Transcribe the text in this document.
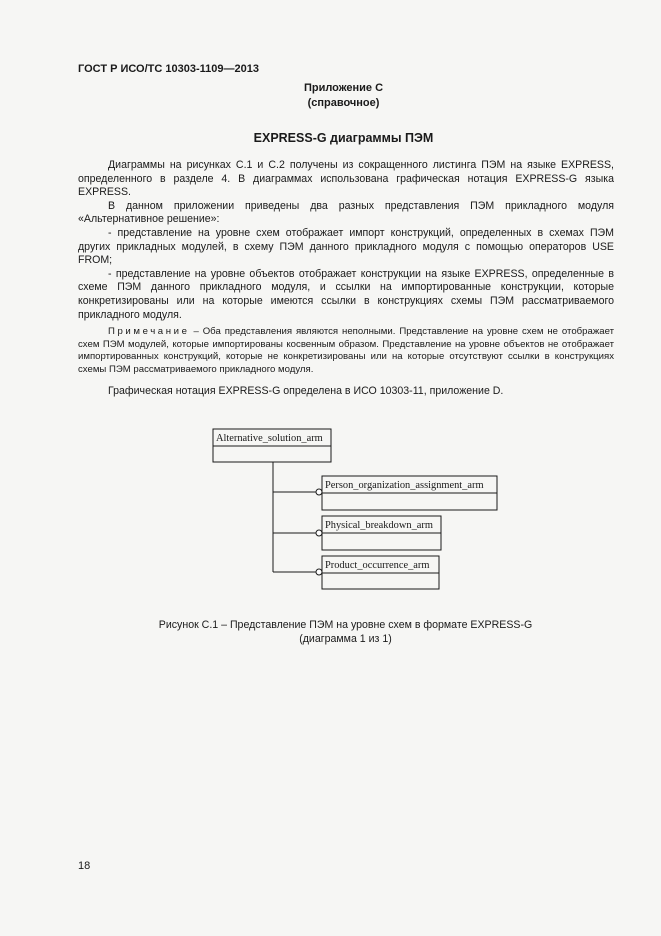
ГОСТ Р ИСО/ТС 10303-1109—2013
Приложение С
(справочное)
EXPRESS-G диаграммы ПЭМ

Диаграммы на рисунках С.1 и С.2 получены из сокращенного листинга ПЭМ на языке EXPRESS, определенного в разделе 4. В диаграммах использована графическая нотация EXPRESS-G языка EXPRESS.

В данном приложении приведены два разных представления ПЭМ прикладного модуля «Альтернативное решение»:

- представление на уровне схем отображает импорт конструкций, определенных в схемах ПЭМ других прикладных модулей, в схему ПЭМ данного прикладного модуля с помощью операторов USE FROM;

- представление на уровне объектов отображает конструкции на языке EXPRESS, определенные в схеме ПЭМ данного прикладного модуля, и ссылки на импортированные конструкции, которые конкретизированы или на которые имеются ссылки в конструкциях схемы ПЭМ рассматриваемого прикладного модуля.

Примечание – Оба представления являются неполными. Представление на уровне схем не отображает схем ПЭМ модулей, которые импортированы косвенным образом. Представление на уровне объектов не отображает импортированных конструкций, которые не конкретизированы или на которые отсутствуют ссылки в конструкциях схемы ПЭМ рассматриваемого прикладного модуля.
Графическая нотация EXPRESS-G определена в ИСО 10303-11, приложение D.
Alternative_solution_arm
Person_organization_assignment_arm
Physical_breakdown_arm
Product_occurrence_arm
Рисунок С.1 – Представление ПЭМ на уровне схем в формате EXPRESS-G
(диаграмма 1 из 1)
18
